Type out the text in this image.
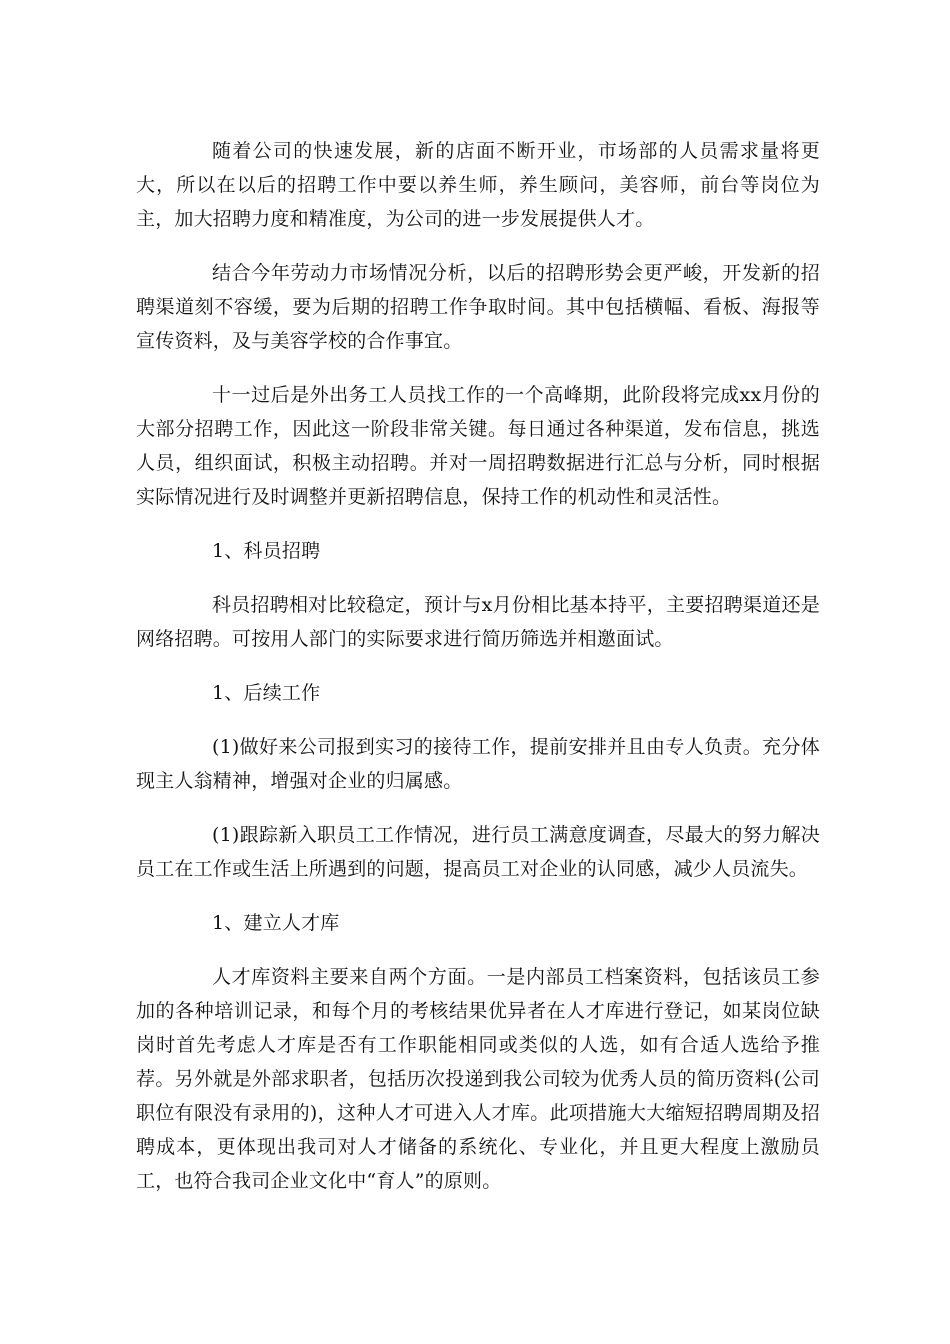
随着公司的快速发展，新的店面不断开业，市场部的人员需求量将更大，所以在以后的招聘工作中要以养生师，养生顾问，美容师，前台等岗位为主，加大招聘力度和精准度，为公司的进一步发展提供人才。

结合今年劳动力市场情况分析，以后的招聘形势会更严峻，开发新的招聘渠道刻不容缓，要为后期的招聘工作争取时间。其中包括横幅、看板、海报等宣传资料，及与美容学校的合作事宜。

十一过后是外出务工人员找工作的一个高峰期，此阶段将完成xx月份的大部分招聘工作，因此这一阶段非常关键。每日通过各种渠道，发布信息，挑选人员，组织面试，积极主动招聘。并对一周招聘数据进行汇总与分析，同时根据实际情况进行及时调整并更新招聘信息，保持工作的机动性和灵活性。

1、科员招聘

科员招聘相对比较稳定，预计与x月份相比基本持平，主要招聘渠道还是网络招聘。可按用人部门的实际要求进行简历筛选并相邀面试。

1、后续工作

(1)做好来公司报到实习的接待工作，提前安排并且由专人负责。充分体现主人翁精神，增强对企业的归属感。

(1)跟踪新入职员工工作情况，进行员工满意度调查，尽最大的努力解决员工在工作或生活上所遇到的问题，提高员工对企业的认同感，减少人员流失。

1、建立人才库

人才库资料主要来自两个方面。一是内部员工档案资料，包括该员工参加的各种培训记录，和每个月的考核结果优异者在人才库进行登记，如某岗位缺岗时首先考虑人才库是否有工作职能相同或类似的人选，如有合适人选给予推荐。另外就是外部求职者，包括历次投递到我公司较为优秀人员的简历资料(公司职位有限没有录用的)，这种人才可进入人才库。此项措施大大缩短招聘周期及招聘成本，更体现出我司对人才储备的系统化、专业化，并且更大程度上激励员工，也符合我司企业文化中“育人”的原则。
